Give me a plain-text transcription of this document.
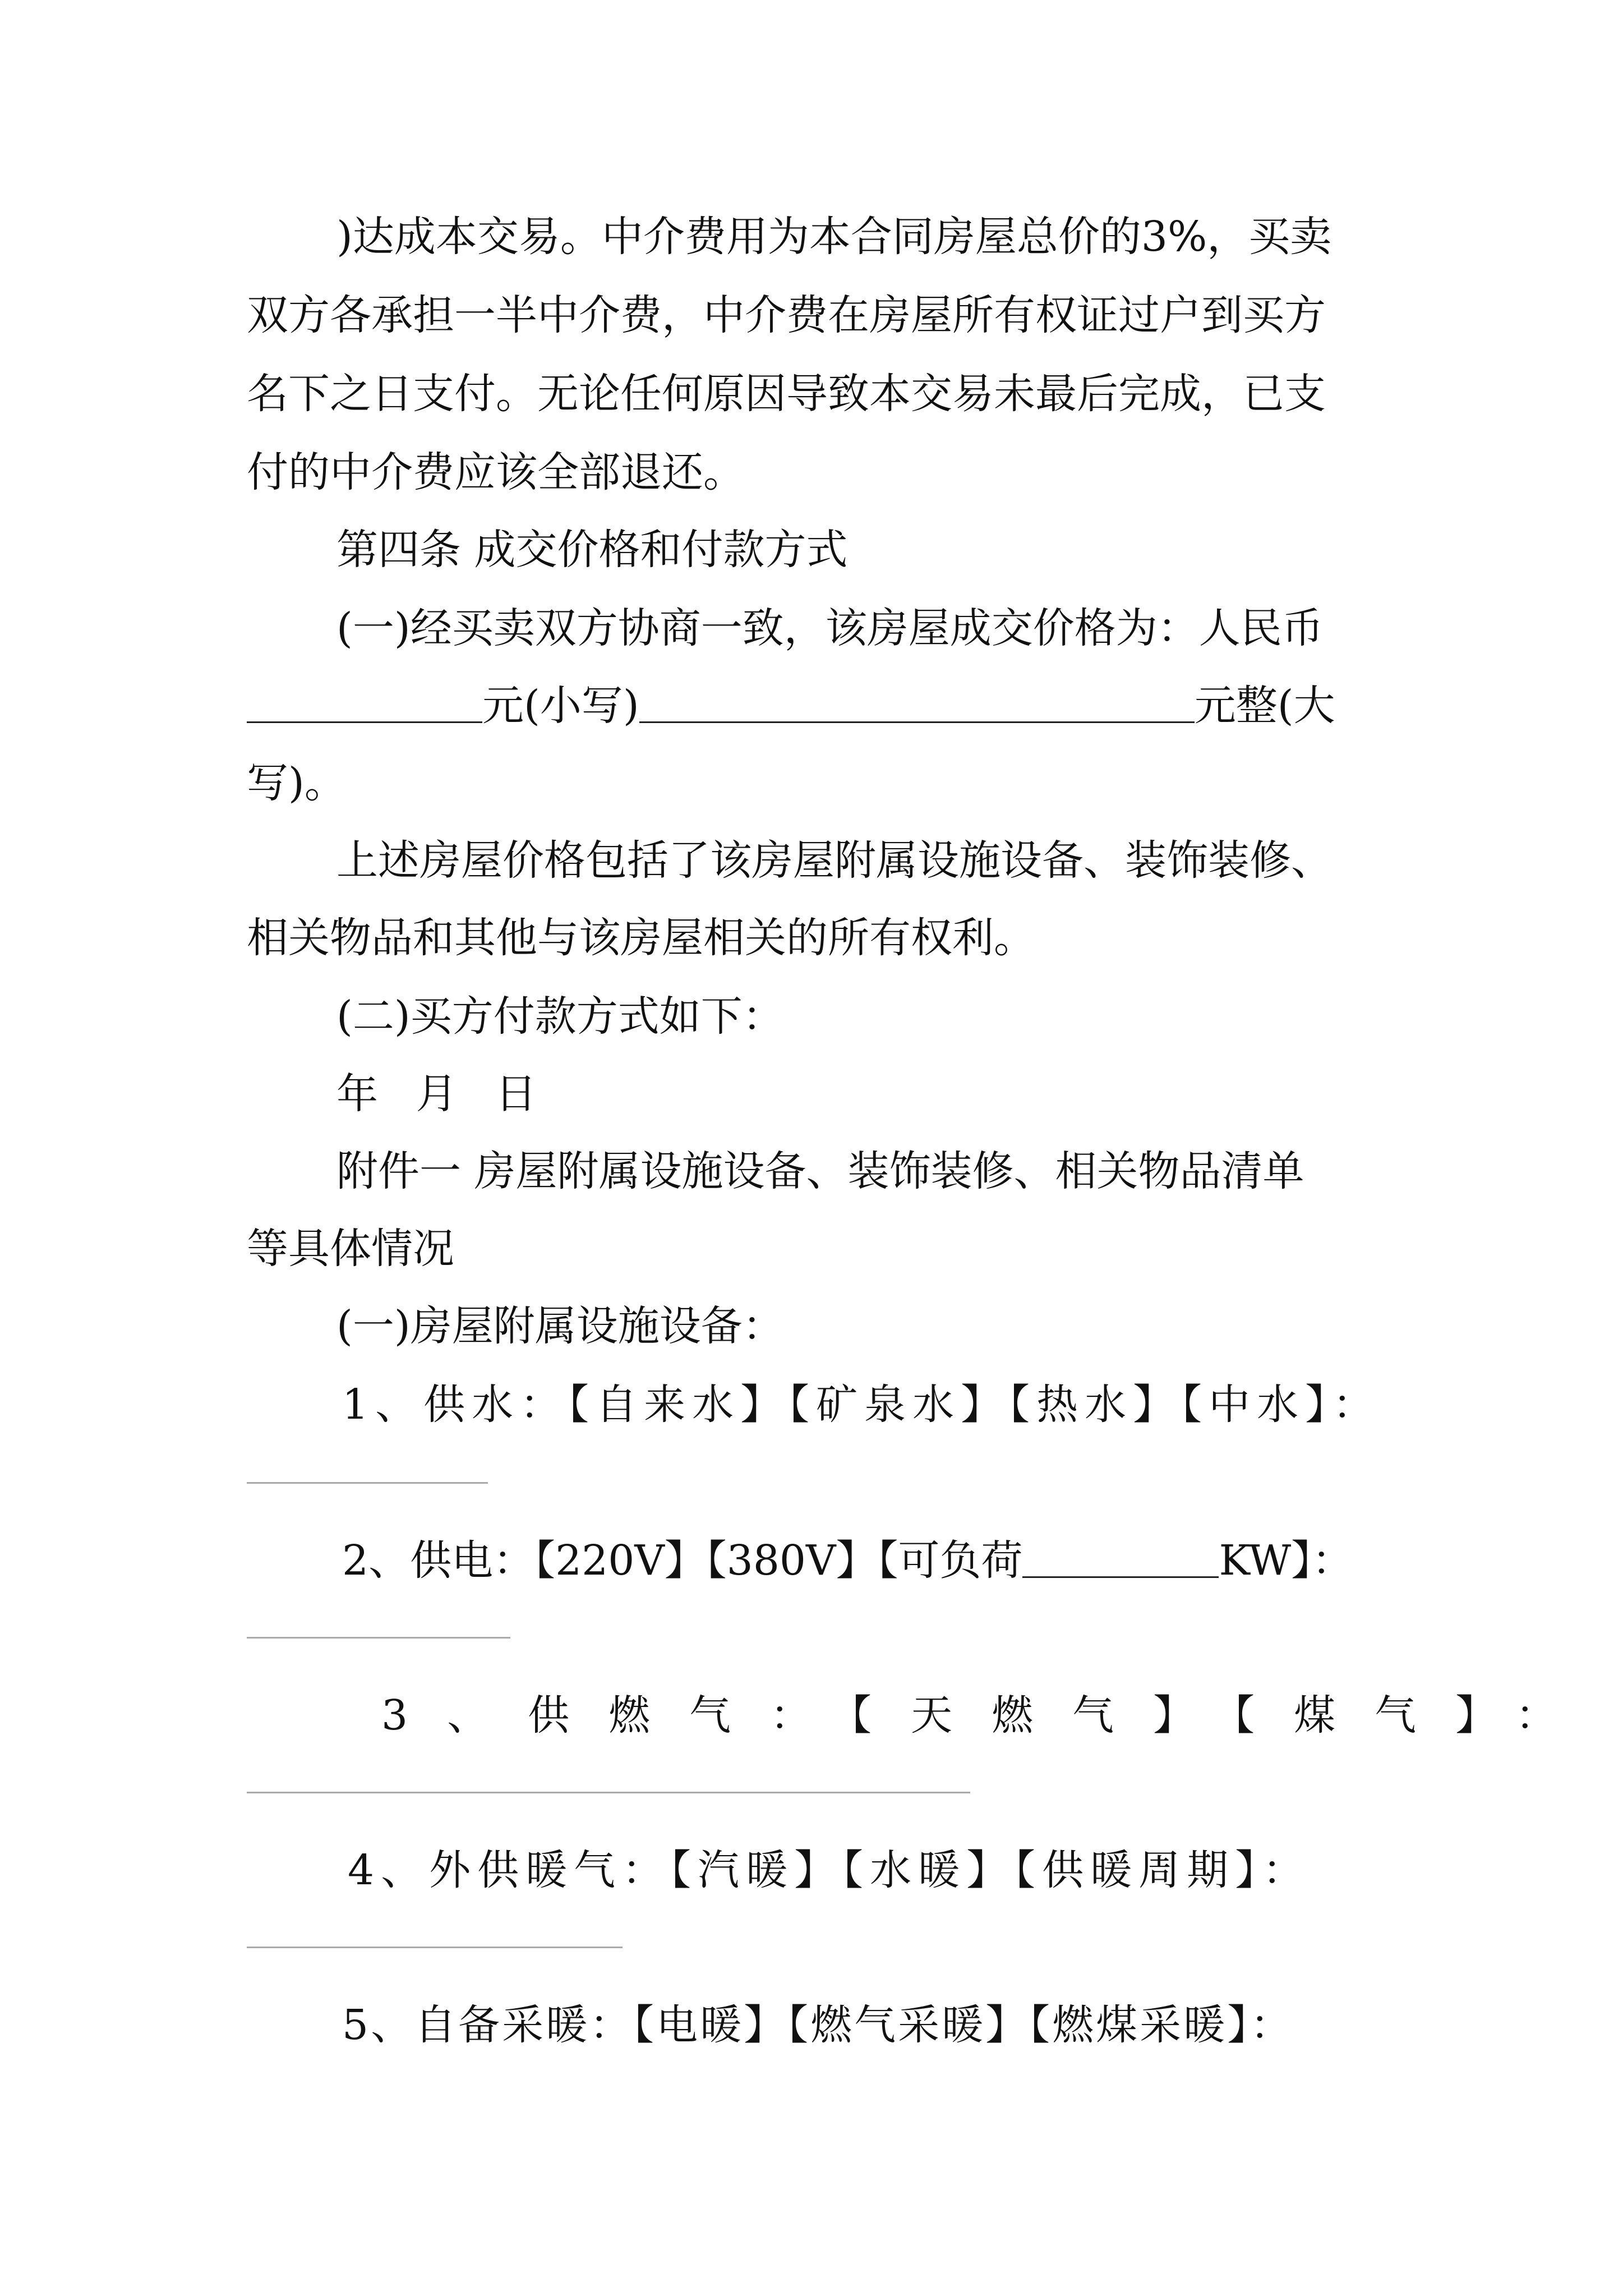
)达成本交易。中介费用为本合同房屋总价的3%，买卖
双方各承担一半中介费，中介费在房屋所有权证过户到买方
名下之日支付。无论任何原因导致本交易未最后完成，已支
付的中介费应该全部退还。
第四条 成交价格和付款方式
(一)经买卖双方协商一致，该房屋成交价格为：人民币
元(小写)	元整(大
写)。
上述房屋价格包括了该房屋附属设施设备、装饰装修、
相关物品和其他与该房屋相关的所有权利。
(二)买方付款方式如下：
年 月 日
附件一 房屋附属设施设备、装饰装修、相关物品清单
等具体情况
(一)房屋附属设施设备：
1、供水：【自来水】【矿泉水】【热水】【中水】：
2、供电：【220V】【380V】【可负荷	KW】：
3、供燃气：【天燃气】【煤气】：
4、外供暖气：【汽暖】【水暖】【供暖周期】：
5、自备采暖：【电暖】【燃气采暖】【燃煤采暖】：
